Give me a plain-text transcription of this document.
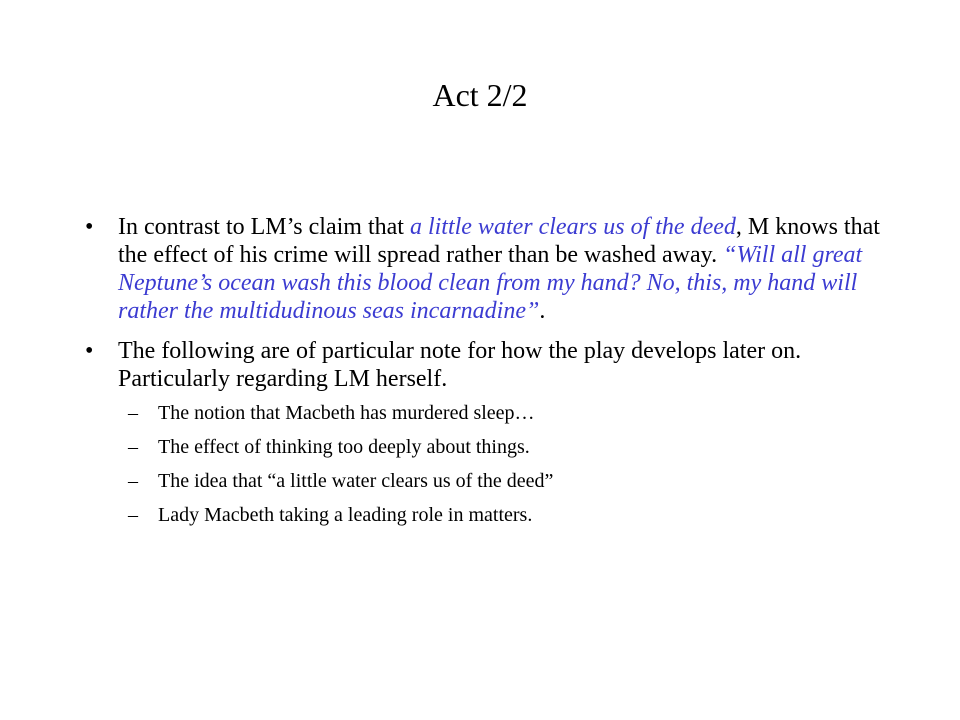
Act 2/2
• In contrast to LM’s claim that a little water clears us of the deed, M knows that the effect of his crime will spread rather than be washed away. “Will all great Neptune’s ocean wash this blood clean from my hand? No, this, my hand will rather the multidudinous seas incarnadine”.
• The following are of particular note for how the play develops later on. Particularly regarding LM herself.
– The notion that Macbeth has murdered sleep…
– The effect of thinking too deeply about things.
– The idea that “a little water clears us of the deed”
– Lady Macbeth taking a leading role in matters.
